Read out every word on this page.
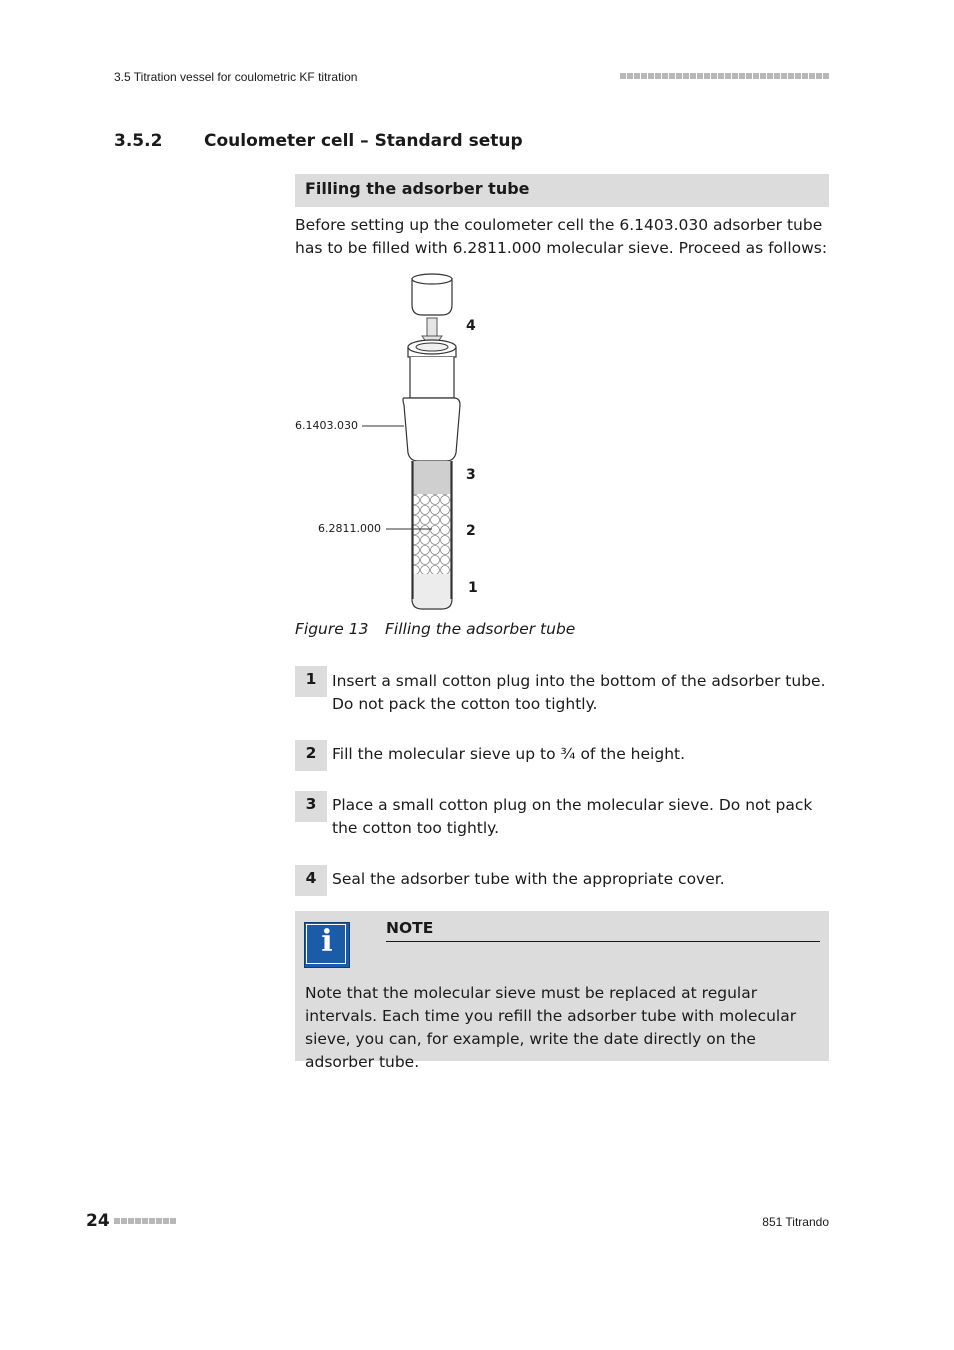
3.5 Titration vessel for coulometric KF titration
3.5.2 Coulometer cell – Standard setup
Filling the adsorber tube
Before setting up the coulometer cell the 6.1403.030 adsorber tube has to be filled with 6.2811.000 molecular sieve. Proceed as follows:
6.1403.030
6.2811.000
4
3
2
1
Figure 13 Filling the adsorber tube
1	Insert a small cotton plug into the bottom of the adsorber tube. Do not pack the cotton too tightly.
2	Fill the molecular sieve up to ¾ of the height.
3	Place a small cotton plug on the molecular sieve. Do not pack the cotton too tightly.
4	Seal the adsorber tube with the appropriate cover.
i	NOTE
Note that the molecular sieve must be replaced at regular intervals. Each time you refill the adsorber tube with molecular sieve, you can, for example, write the date directly on the adsorber tube.
24	851 Titrando
